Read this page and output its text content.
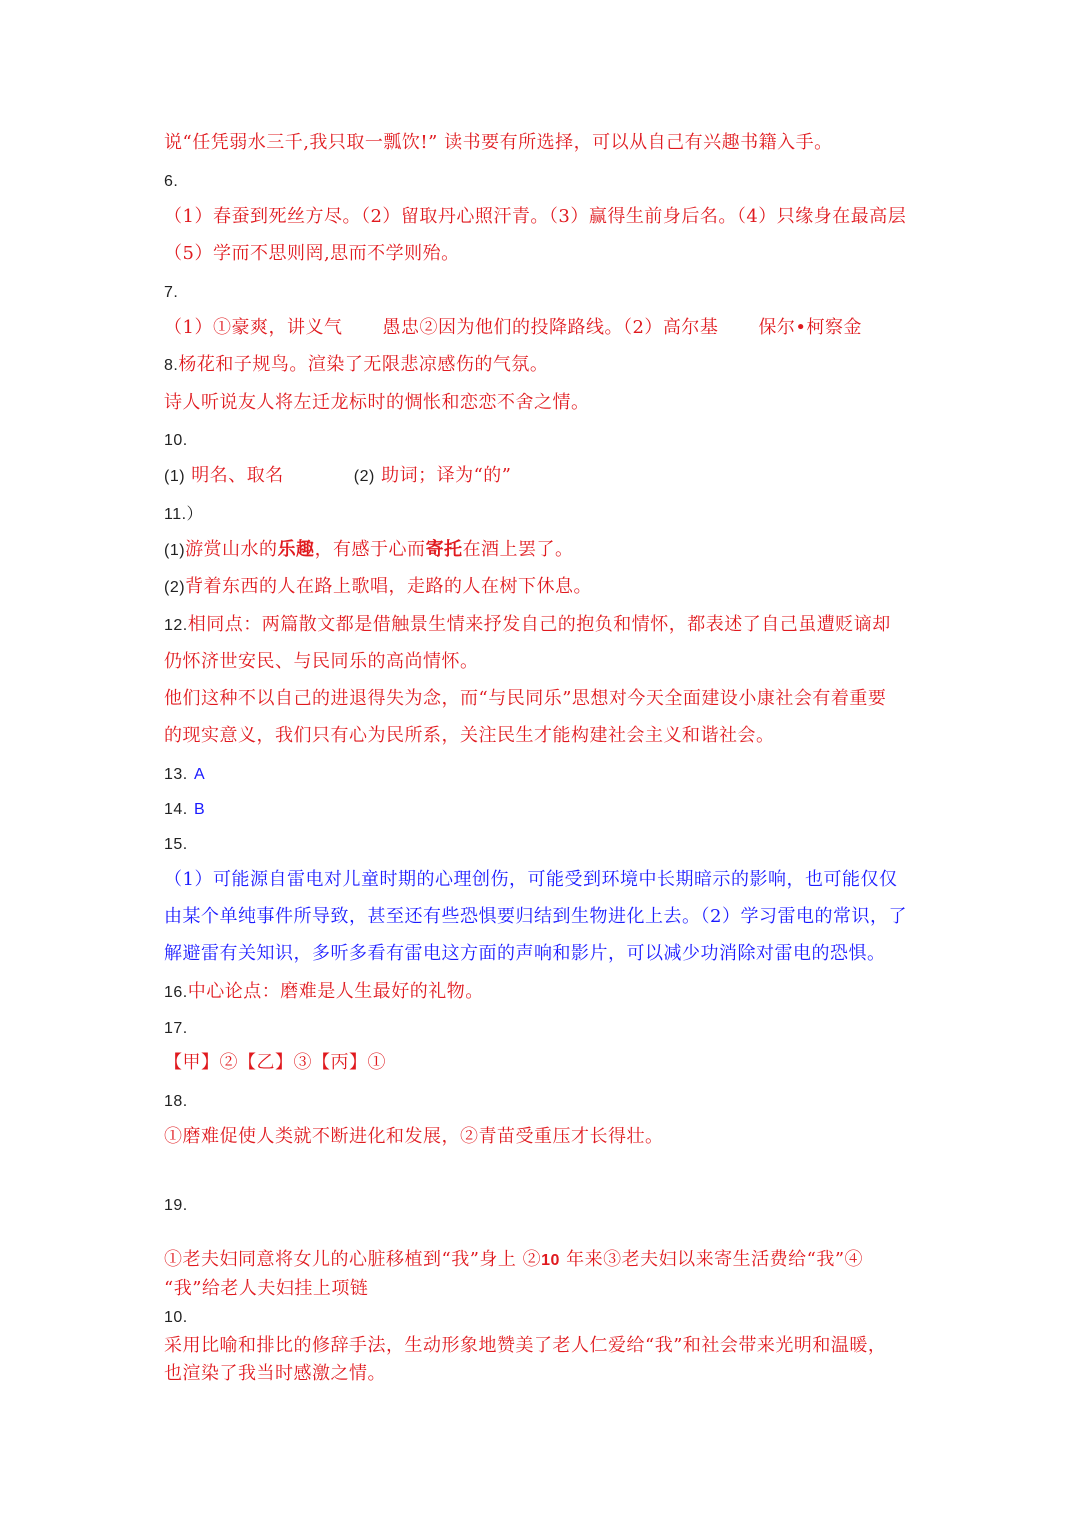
说“任凭弱水三千,我只取一瓢饮!” 读书要有所选择，可以从自己有兴趣书籍入手。
6.
（1）春蚕到死丝方尽。（2）留取丹心照汗青。（3）赢得生前身后名。（4）只缘身在最高层
（5）学而不思则罔,思而不学则殆。
7.
（1）①豪爽，讲义气 愚忠②因为他们的投降路线。（2）高尔基 保尔•柯察金
8.杨花和子规鸟。渲染了无限悲凉感伤的气氛。
诗人听说友人将左迁龙标时的惆怅和恋恋不舍之情。
10.
(1) 明名、取名	(2) 助词；译为“的”
11.）
(1)游赏山水的乐趣，有感于心而寄托在酒上罢了。
(2)背着东西的人在路上歌唱，走路的人在树下休息。
12.相同点：两篇散文都是借触景生情来抒发自己的抱负和情怀，都表述了自己虽遭贬谪却
仍怀济世安民、与民同乐的高尚情怀。
他们这种不以自己的进退得失为念，而“与民同乐”思想对今天全面建设小康社会有着重要
的现实意义，我们只有心为民所系，关注民生才能构建社会主义和谐社会。
13. A
14. B
15.
（1）可能源自雷电对儿童时期的心理创伤，可能受到环境中长期暗示的影响，也可能仅仅
由某个单纯事件所导致，甚至还有些恐惧要归结到生物进化上去。（2）学习雷电的常识，了
解避雷有关知识，多听多看有雷电这方面的声响和影片，可以减少功消除对雷电的恐惧。
16.中心论点：磨难是人生最好的礼物。
17.
【甲】②【乙】③【丙】①
18.
①磨难促使人类就不断进化和发展，②青苗受重压才长得壮。
19.
①老夫妇同意将女儿的心脏移植到“我”身上 ②10 年来③老夫妇以来寄生活费给“我”④
“我”给老人夫妇挂上项链
10.
采用比喻和排比的修辞手法，生动形象地赞美了老人仁爱给“我”和社会带来光明和温暖，
也渲染了我当时感激之情。
